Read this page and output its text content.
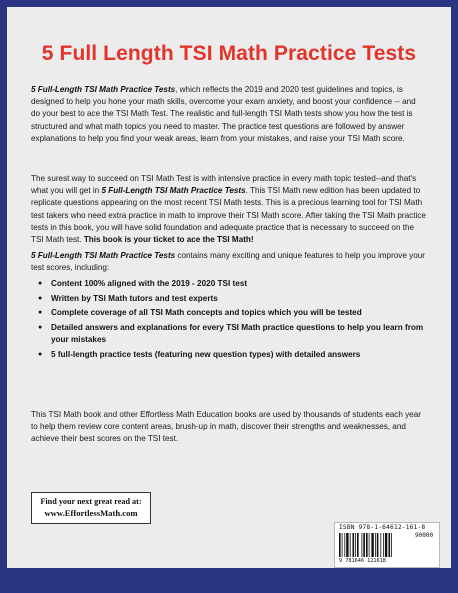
5 Full Length TSI Math Practice Tests
5 Full-Length TSI Math Practice Tests, which reflects the 2019 and 2020 test guidelines and topics, is designed to help you hone your math skills, overcome your exam anxiety, and boost your confidence -- and do your best to ace the TSI Math Test. The realistic and full-length TSI Math tests show you how the test is structured and what math topics you need to master. The practice test questions are followed by answer explanations to help you find your weak areas, learn from your mistakes, and raise your TSI Math score.
The surest way to succeed on TSI Math Test is with intensive practice in every math topic tested--and that's what you will get in 5 Full-Length TSI Math Practice Tests. This TSI Math new edition has been updated to replicate questions appearing on the most recent TSI Math tests. This is a precious learning tool for TSI Math test takers who need extra practice in math to improve their TSI Math score. After taking the TSI Math practice tests in this book, you will have solid foundation and adequate practice that is necessary to succeed on the TSI Math test. This book is your ticket to ace the TSI Math!
5 Full-Length TSI Math Practice Tests contains many exciting and unique features to help you improve your test scores, including:
● Content 100% aligned with the 2019 - 2020 TSI test
● Written by TSI Math tutors and test experts
● Complete coverage of all TSI Math concepts and topics which you will be tested
● Detailed answers and explanations for every TSI Math practice questions to help you learn from your mistakes
● 5 full-length practice tests (featuring new question types) with detailed answers
This TSI Math book and other Effortless Math Education books are used by thousands of students each year to help them review core content areas, brush-up in math, discover their strengths and weaknesses, and achieve their best scores on the TSI test.
Find your next great read at:
www.EffortlessMath.com
ISBN 978-1-64612-161-8
90000
9 781646 121618
